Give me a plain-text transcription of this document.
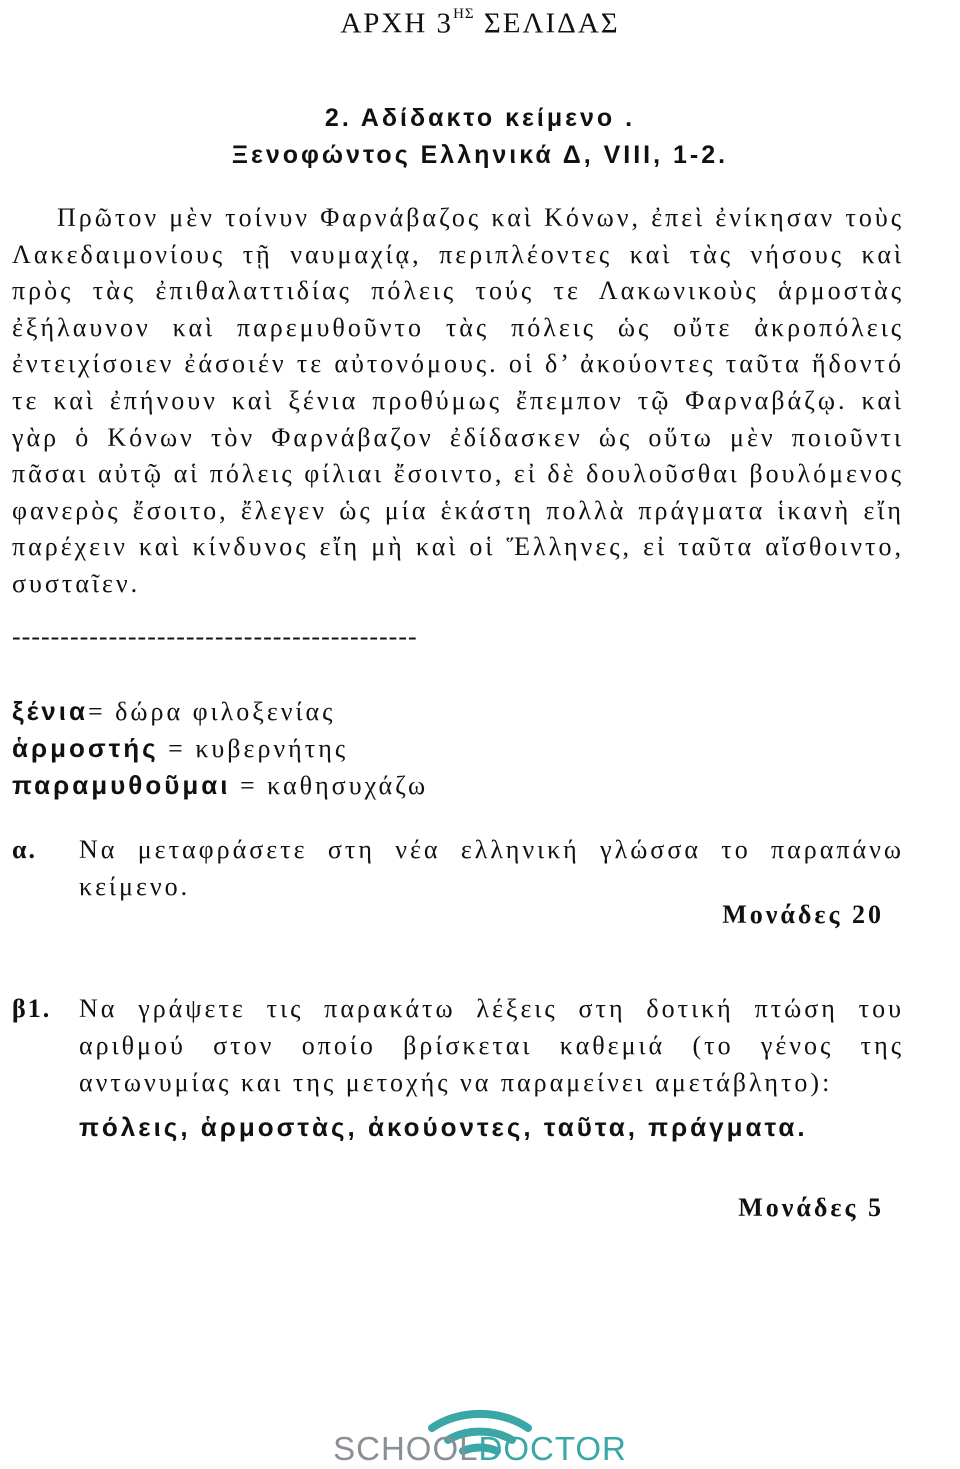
ΑΡΧΗ $3^{H\Sigma}$ ΣΕΛΙΔΑΣ
2. Αδίδακτο κείμενο .
Ξενοφώντος Ελληνικά Δ, VIII, 1-2.

Πρῶτον μὲν τοίνυν Φαρνάβαζος καὶ Κόνων, ἐπεὶ ἐνίκησαν τοὺς Λακεδαιμονίους τῇ ναυμαχίᾳ, περιπλέοντες καὶ τὰς νήσους καὶ πρὸς τὰς ἐπιθαλαττιδίας πόλεις τούς τε Λακωνικοὺς ἁρμοστὰς ἐξήλαυνον καὶ παρεμυθοῦντο τὰς πόλεις ὡς οὔτε ἀκροπόλεις ἐντειχίσοιεν ἐάσοιέν τε αὐτονόμους. οἱ δ’ ἀκούοντες ταῦτα ἥδοντό τε καὶ ἐπήνουν καὶ ξένια προθύμως ἔπεμπον τῷ Φαρναβάζῳ. καὶ γὰρ ὁ Κόνων τὸν Φαρνάβαζον ἐδίδασκεν ὡς οὕτω μὲν ποιοῦντι πᾶσαι αὐτῷ αἱ πόλεις φίλιαι ἔσοιντο, εἰ δὲ δουλοῦσθαι βουλόμενος φανερὸς ἔσοιτο, ἔλεγεν ὡς μία ἑκάστη πολλὰ πράγματα ἱκανὴ εἴη παρέχειν καὶ κίνδυνος εἴη μὴ καὶ οἱ Ἕλληνες, εἰ ταῦτα αἴσθοιντο, συσταῖεν.

------------------------------------------
ξένια= δώρα φιλοξενίας
ἁρμοστής = κυβερνήτης
παραμυθοῦμαι = καθησυχάζω
α. Να μεταφράσετε στη νέα ελληνική γλώσσα το παραπάνω κείμενο.
Μονάδες 20
β1. Να γράψετε τις παρακάτω λέξεις στη δοτική πτώση του αριθμού στον οποίο βρίσκεται καθεμιά (το γένος της αντωνυμίας και της μετοχής να παραμείνει αμετάβλητο):
πόλεις, ἁρμοστὰς, ἀκούοντες, ταῦτα, πράγματα.
Μονάδες 5
SCHOOLDOCTOR
